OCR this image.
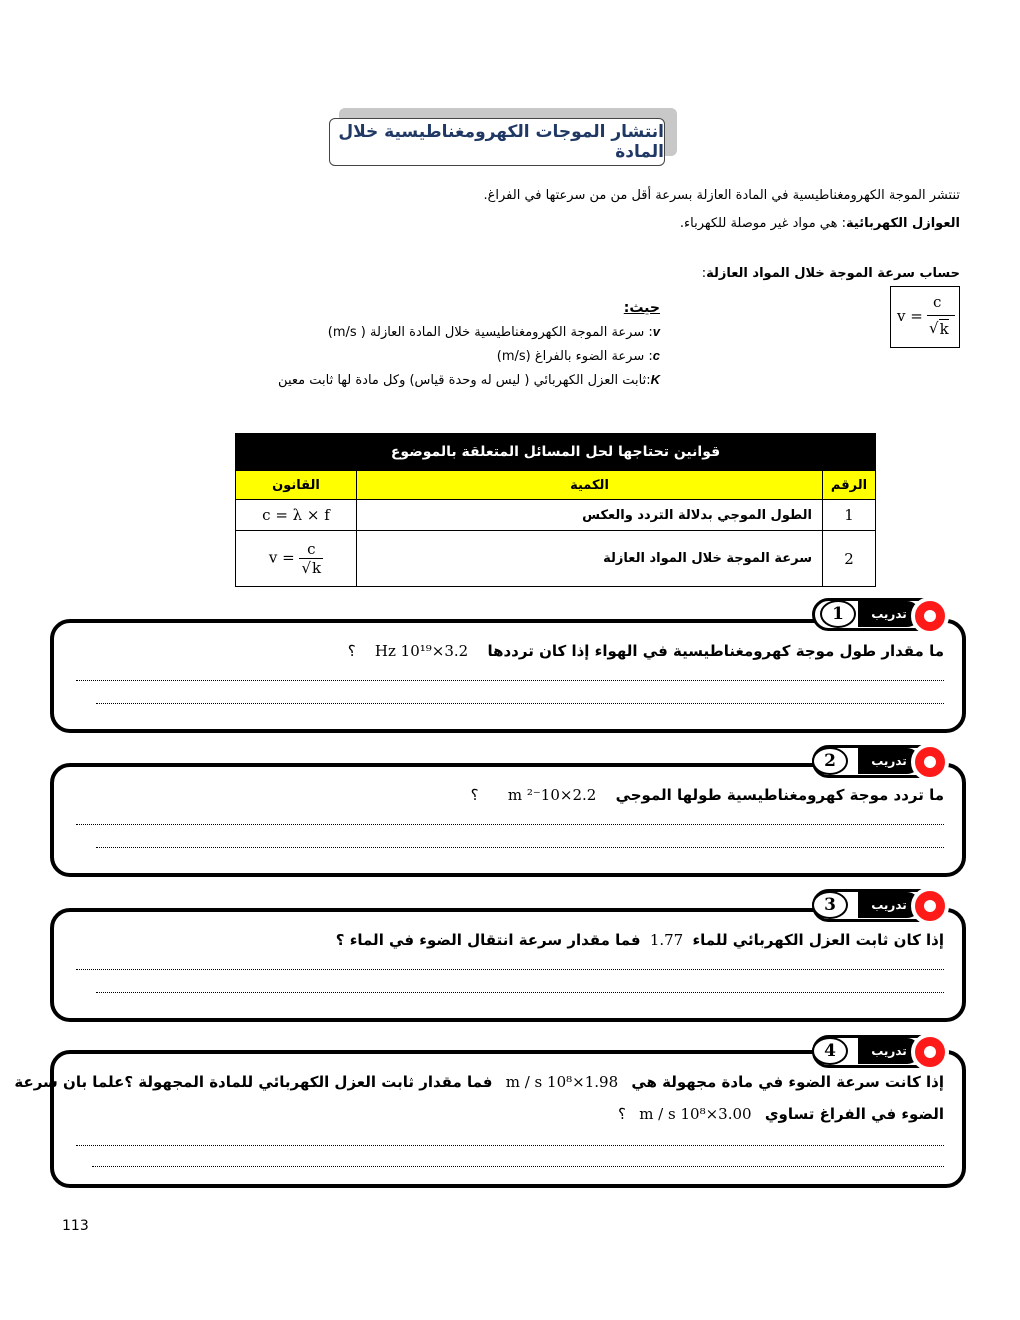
انتشار الموجات الكهرومغناطيسية خلال المادة
تنتشر الموجة الكهرومغناطيسية في المادة العازلة بسرعة أقل من من سرعتها في الفراغ.
العوازل الكهربائية: هي مواد غير موصلة للكهرباء.
حساب سرعة الموجة خلال المواد العازلة:
v =
c
√ k
حيث:
v: سرعة الموجة الكهرومغناطيسية خلال المادة العازلة ( m/s)
c: سرعة الضوء بالفراغ (m/s)
K:ثابت العزل الكهربائي ( ليس له وحدة قياس) وكل مادة لها ثابت معين
قوانين تحتاجها لحل المسائل المتعلقة بالموضوع		
الرقم	الكمية	القانون
1	الطول الموجي بدلالة التردد والعكس	c = λ × f
2	سرعة الموجة خلال المواد العازلة	$v = \frac{c}{√k}$
1	تدريب
ما مقدار طول موجة كهرومغناطيسية في الهواء إذا كان ترددها 3.2×10¹⁹ Hz ؟
2	تدريب
ما تردد موجة كهرومغناطيسية طولها الموجي 2.2×10⁻² m ؟
3	تدريب
إذا كان ثابت العزل الكهربائي للماء 1.77 فما مقدار سرعة انتقال الضوء في الماء ؟
4	تدريب
إذا كانت سرعة الضوء في مادة مجهولة هي 1.98×10⁸ m / s فما مقدار ثابت العزل الكهربائي للمادة المجهولة ؟علما بان سرعة
الضوء في الفراغ تساوي 3.00×10⁸ m / s ؟
113
